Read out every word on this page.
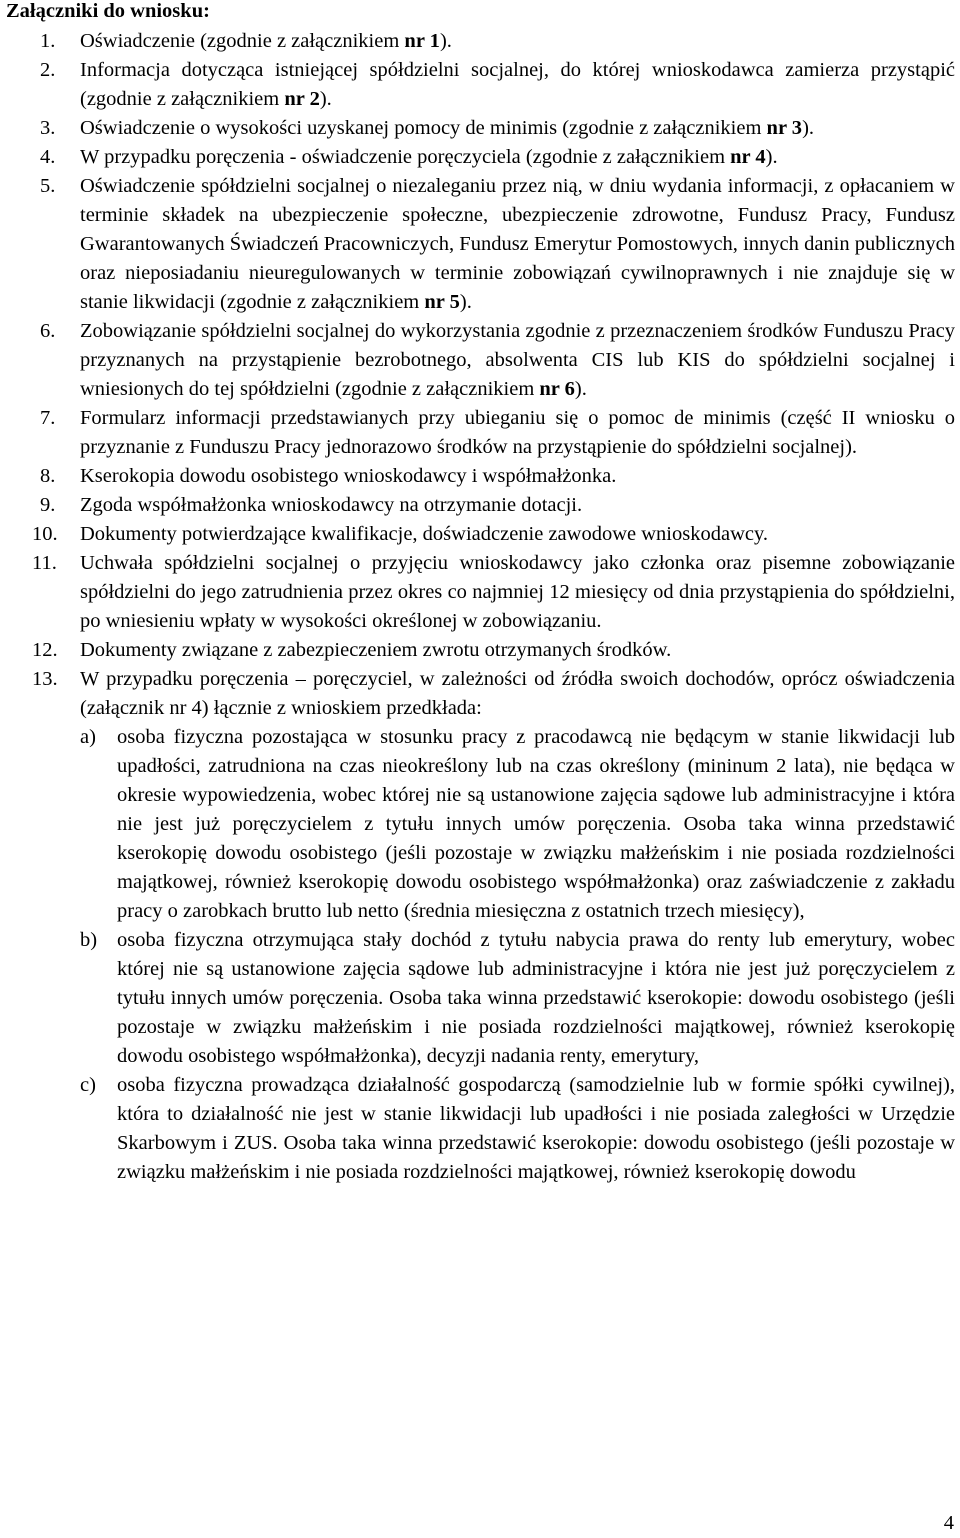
Załączniki do wniosku:

1. Oświadczenie (zgodnie z załącznikiem nr 1).
2. Informacja dotycząca istniejącej spółdzielni socjalnej, do której wnioskodawca zamierza przystąpić (zgodnie z załącznikiem nr 2).
3. Oświadczenie o wysokości uzyskanej pomocy de minimis (zgodnie z załącznikiem nr 3).
4. W przypadku poręczenia - oświadczenie poręczyciela (zgodnie z załącznikiem nr 4).
5. Oświadczenie spółdzielni socjalnej o niezaleganiu przez nią, w dniu wydania informacji, z opłacaniem w terminie składek na ubezpieczenie społeczne, ubezpieczenie zdrowotne, Fundusz Pracy, Fundusz Gwarantowanych Świadczeń Pracowniczych, Fundusz Emerytur Pomostowych, innych danin publicznych oraz nieposiadaniu nieuregulowanych w terminie zobowiązań cywilnoprawnych i nie znajduje się w stanie likwidacji (zgodnie z załącznikiem nr 5).
6. Zobowiązanie spółdzielni socjalnej do wykorzystania zgodnie z przeznaczeniem środków Funduszu Pracy przyznanych na przystąpienie bezrobotnego, absolwenta CIS lub KIS do spółdzielni socjalnej i wniesionych do tej spółdzielni (zgodnie z załącznikiem nr 6).
7. Formularz informacji przedstawianych przy ubieganiu się o pomoc de minimis (część II wniosku o przyznanie z Funduszu Pracy jednorazowo środków na przystąpienie do spółdzielni socjalnej).
8. Kserokopia dowodu osobistego wnioskodawcy i współmałżonka.
9. Zgoda współmałżonka wnioskodawcy na otrzymanie dotacji.
10. Dokumenty potwierdzające kwalifikacje, doświadczenie zawodowe wnioskodawcy.
11. Uchwała spółdzielni socjalnej o przyjęciu wnioskodawcy jako członka oraz pisemne zobowiązanie spółdzielni do jego zatrudnienia przez okres co najmniej 12 miesięcy od dnia przystąpienia do spółdzielni, po wniesieniu wpłaty w wysokości określonej w zobowiązaniu.
12. Dokumenty związane z zabezpieczeniem zwrotu otrzymanych środków.
13. W przypadku poręczenia – poręczyciel, w zależności od źródła swoich dochodów, oprócz oświadczenia (załącznik nr 4) łącznie z wnioskiem przedkłada:
a) osoba fizyczna pozostająca w stosunku pracy z pracodawcą nie będącym w stanie likwidacji lub upadłości, zatrudniona na czas nieokreślony lub na czas określony (mininum 2 lata), nie będąca w okresie wypowiedzenia, wobec której nie są ustanowione zajęcia sądowe lub administracyjne i która nie jest już poręczycielem z tytułu innych umów poręczenia. Osoba taka winna przedstawić kserokopię dowodu osobistego (jeśli pozostaje w związku małżeńskim i nie posiada rozdzielności majątkowej, również kserokopię dowodu osobistego współmałżonka) oraz zaświadczenie z zakładu pracy o zarobkach brutto lub netto (średnia miesięczna z ostatnich trzech miesięcy),
b) osoba fizyczna otrzymująca stały dochód z tytułu nabycia prawa do renty lub emerytury, wobec której nie są ustanowione zajęcia sądowe lub administracyjne i która nie jest już poręczycielem z tytułu innych umów poręczenia. Osoba taka winna przedstawić kserokopie: dowodu osobistego (jeśli pozostaje w związku małżeńskim i nie posiada rozdzielności majątkowej, również kserokopię dowodu osobistego współmałżonka), decyzji nadania renty, emerytury,
c) osoba fizyczna prowadząca działalność gospodarczą (samodzielnie lub w formie spółki cywilnej), która to działalność nie jest w stanie likwidacji lub upadłości i nie posiada zaległości w Urzędzie Skarbowym i ZUS. Osoba taka winna przedstawić kserokopie: dowodu osobistego (jeśli pozostaje w związku małżeńskim i nie posiada rozdzielności majątkowej, również kserokopię dowodu
4
